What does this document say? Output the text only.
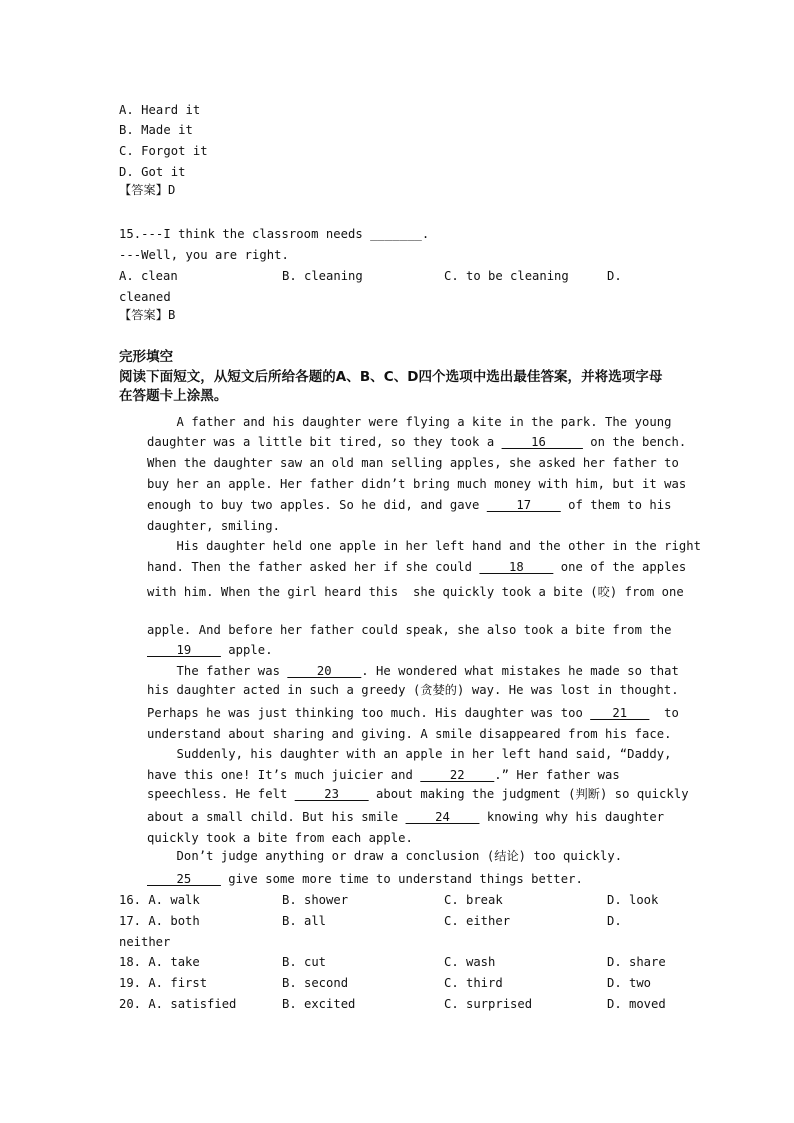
A. Heard it
B. Made it
C. Forgot it
D. Got it
【答案】D
15.---I think the classroom needs _______.
---Well, you are right.
A. clean	B. cleaning	C. to be cleaning	D.
cleaned
【答案】B
完形填空
阅读下面短文，从短文后所给各题的A、B、C、D四个选项中选出最佳答案，并将选项字母
在答题卡上涂黑。
A father and his daughter were flying a kite in the park. The young
daughter was a little bit tired, so they took a ____16_____ on the bench.
When the daughter saw an old man selling apples, she asked her father to
buy her an apple. Her father didn’t bring much money with him, but it was
enough to buy two apples. So he did, and gave ____17____ of them to his
daughter, smiling.
His daughter held one apple in her left hand and the other in the right
hand. Then the father asked her if she could ____18____ one of the apples
with him. When the girl heard this  she quickly took a bite (咬) from one
apple. And before her father could speak, she also took a bite from the
____19____ apple.
The father was ____20____. He wondered what mistakes he made so that
his daughter acted in such a greedy (贪婪的) way. He was lost in thought.
Perhaps he was just thinking too much. His daughter was too ___21___  to
understand about sharing and giving. A smile disappeared from his face.
Suddenly, his daughter with an apple in her left hand said, “Daddy,
have this one! It’s much juicier and ____22____.” Her father was
speechless. He felt ____23____ about making the judgment (判断) so quickly
about a small child. But his smile ____24____ knowing why his daughter
quickly took a bite from each apple.
Don’t judge anything or draw a conclusion (结论) too quickly.
____25____ give some more time to understand things better.
16. A. walk	B. shower	C. break	D. look
17. A. both	B. all	C. either	D.
neither
18. A. take	B. cut	C. wash	D. share
19. A. first	B. second	C. third	D. two
20. A. satisfied	B. excited	C. surprised	D. moved
